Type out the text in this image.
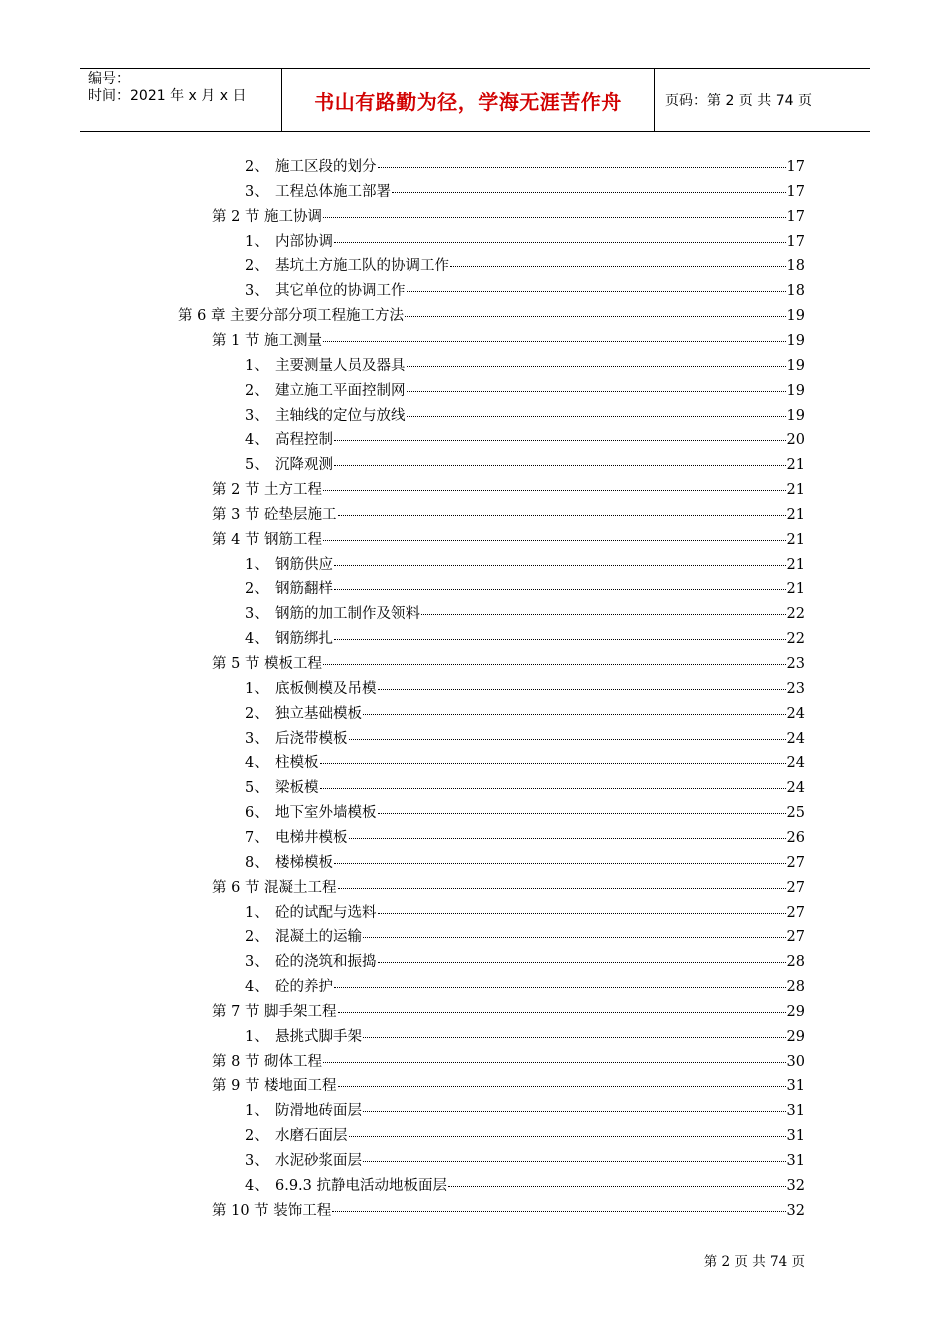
编号：
时间：2021 年 x 月 x 日	书山有路勤为径，学海无涯苦作舟	页码：第 2 页 共 74 页
2、 施工区段的划分	17
3、 工程总体施工部署	17
第 2 节 施工协调	17
1、 内部协调	17
2、 基坑土方施工队的协调工作	18
3、 其它单位的协调工作	18
第 6 章 主要分部分项工程施工方法	19
第 1 节 施工测量	19
1、 主要测量人员及器具	19
2、 建立施工平面控制网	19
3、 主轴线的定位与放线	19
4、 高程控制	20
5、 沉降观测	21
第 2 节 土方工程	21
第 3 节 砼垫层施工	21
第 4 节 钢筋工程	21
1、 钢筋供应	21
2、 钢筋翻样	21
3、 钢筋的加工制作及领料	22
4、 钢筋绑扎	22
第 5 节 模板工程	23
1、 底板侧模及吊模	23
2、 独立基础模板	24
3、 后浇带模板	24
4、 柱模板	24
5、 梁板模	24
6、 地下室外墙模板	25
7、 电梯井模板	26
8、 楼梯模板	27
第 6 节 混凝土工程	27
1、 砼的试配与选料	27
2、 混凝土的运输	27
3、 砼的浇筑和振捣	28
4、 砼的养护	28
第 7 节 脚手架工程	29
1、 悬挑式脚手架	29
第 8 节 砌体工程	30
第 9 节 楼地面工程	31
1、 防滑地砖面层	31
2、 水磨石面层	31
3、 水泥砂浆面层	31
4、 6.9.3 抗静电活动地板面层	32
第 10 节 装饰工程	32
第 2 页 共 74 页
